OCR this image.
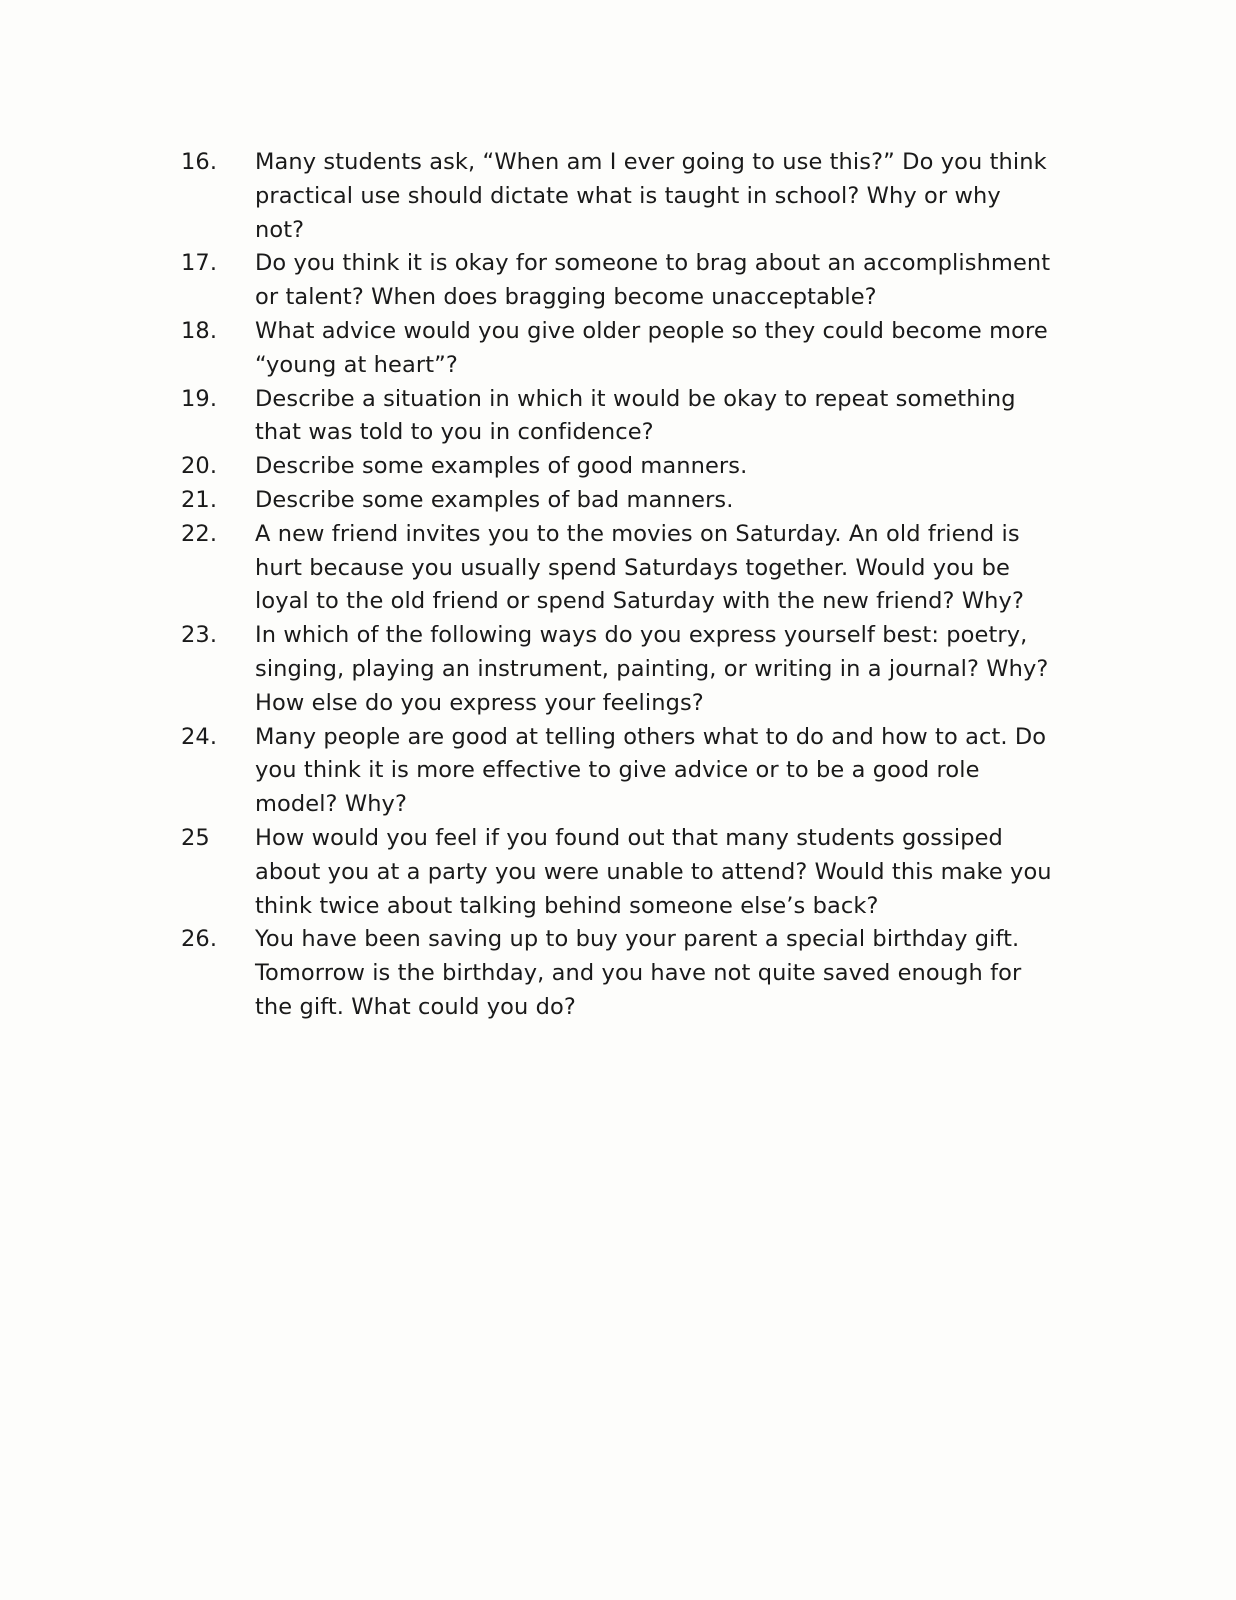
16.	Many students ask, “When am I ever going to use this?” Do you think
practical use should dictate what is taught in school? Why or why
not?
17.	Do you think it is okay for someone to brag about an accomplishment
or talent? When does bragging become unacceptable?
18.	What advice would you give older people so they could become more
“young at heart”?
19.	Describe a situation in which it would be okay to repeat something
that was told to you in confidence?
20.	Describe some examples of good manners.
21.	Describe some examples of bad manners.
22.	A new friend invites you to the movies on Saturday. An old friend is
hurt because you usually spend Saturdays together. Would you be
loyal to the old friend or spend Saturday with the new friend? Why?
23.	In which of the following ways do you express yourself best: poetry,
singing, playing an instrument, painting, or writing in a journal? Why?
How else do you express your feelings?
24.	Many people are good at telling others what to do and how to act. Do
you think it is more effective to give advice or to be a good role
model? Why?
25	How would you feel if you found out that many students gossiped
about you at a party you were unable to attend? Would this make you
think twice about talking behind someone else’s back?
26.	You have been saving up to buy your parent a special birthday gift.
Tomorrow is the birthday, and you have not quite saved enough for
the gift. What could you do?
